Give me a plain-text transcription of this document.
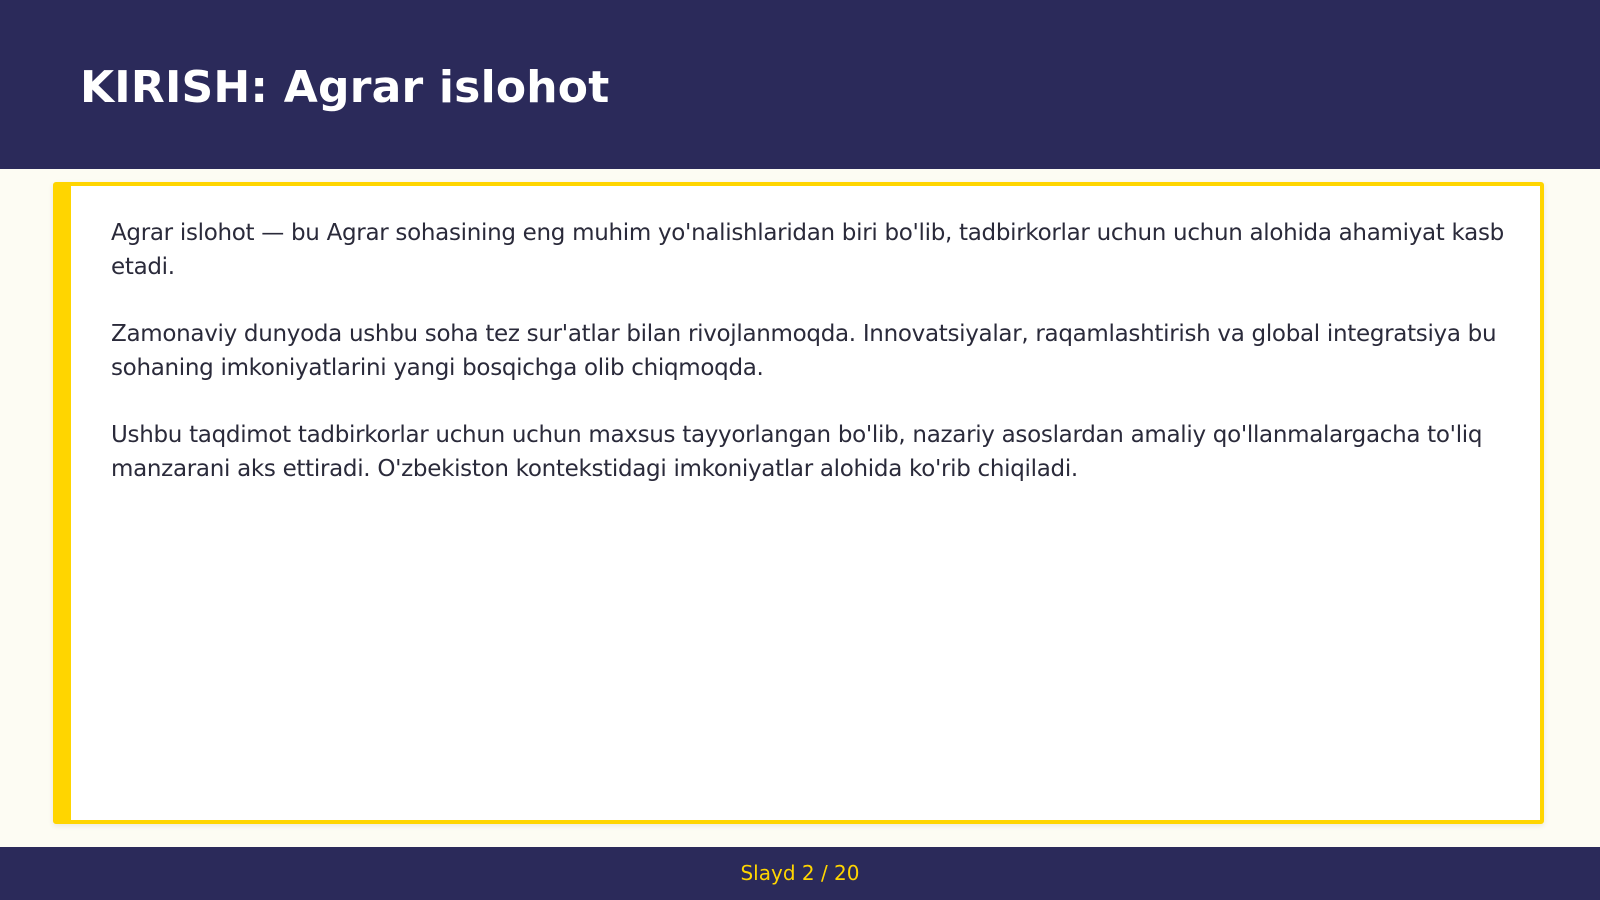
KIRISH: Agrar islohot

Agrar islohot — bu Agrar sohasining eng muhim yo'nalishlaridan biri bo'lib, tadbirkorlar uchun uchun alohida ahamiyat kasb etadi.

Zamonaviy dunyoda ushbu soha tez sur'atlar bilan rivojlanmoqda. Innovatsiyalar, raqamlashtirish va global integratsiya bu sohaning imkoniyatlarini yangi bosqichga olib chiqmoqda.

Ushbu taqdimot tadbirkorlar uchun uchun maxsus tayyorlangan bo'lib, nazariy asoslardan amaliy qo'llanmalargacha to'liq manzarani aks ettiradi. O'zbekiston kontekstidagi imkoniyatlar alohida ko'rib chiqiladi.

Slayd 2 / 20
